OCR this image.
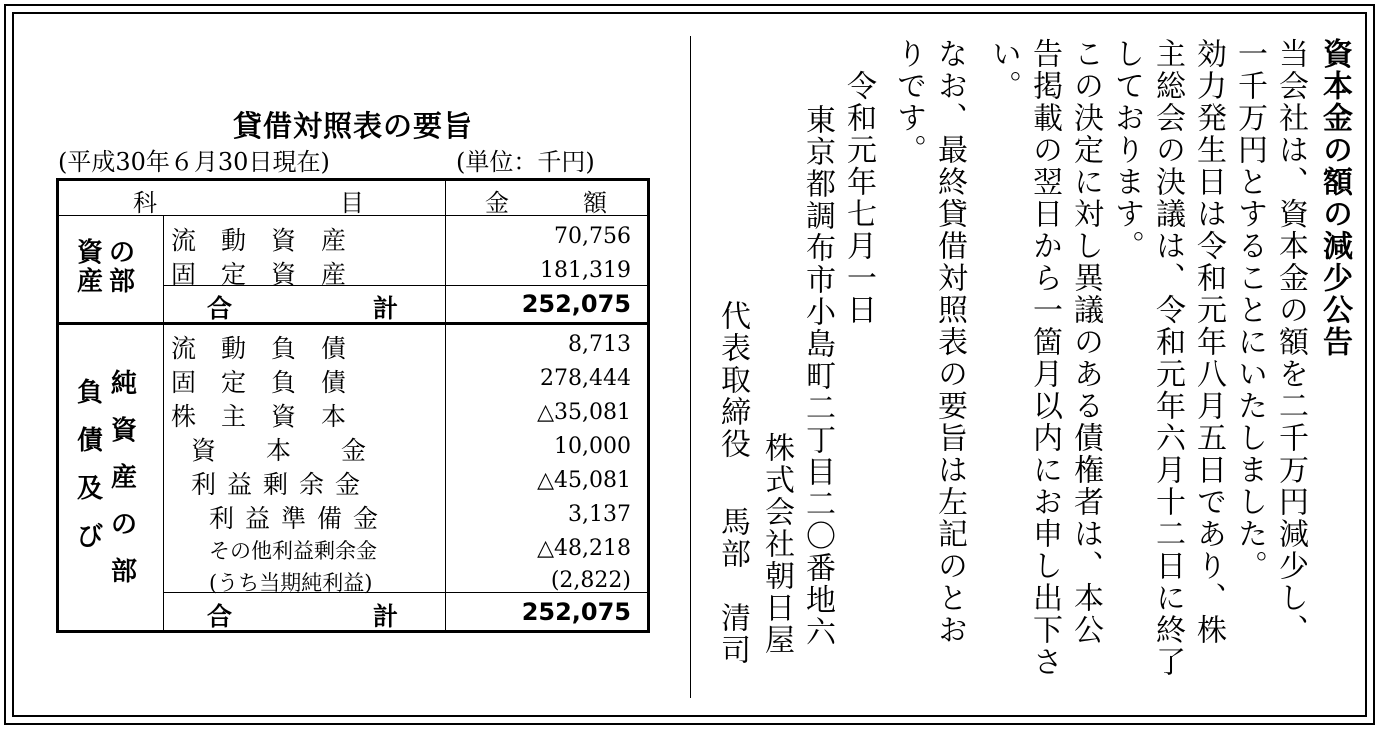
貸借対照表の要旨
(平成30年６月30日現在)	(単位：千円)
科	目	金	額
資
産
の
部
流　動　資　産	70,756
固　定　資　産	181,319
合	計	252,075
負
債
及
び
純
資
産
の
部
流　動　負　債	8,713
固　定　負　債	278,444
株　主　資　本	△35,081
資　　本　　金	10,000
利益剰余金	△45,081
利益準備金	3,137
その他利益剰余金	△48,218
(うち当期純利益)	(2,822)
合	計	252,075
資本金の額の減少公告
当会社は、資本金の額を二千万円減少し、
一千万円とすることにいたしました。
効力発生日は令和元年八月五日であり、株
主総会の決議は、令和元年六月十二日に終了
しております。
この決定に対し異議のある債権者は、本公
告掲載の翌日から一箇月以内にお申し出下さ
い。
なお、最終貸借対照表の要旨は左記のとお
りです。
令和元年七月一日
東京都調布市小島町二丁目二〇番地六
株式会社朝日屋
代表取締役
馬部　清司
